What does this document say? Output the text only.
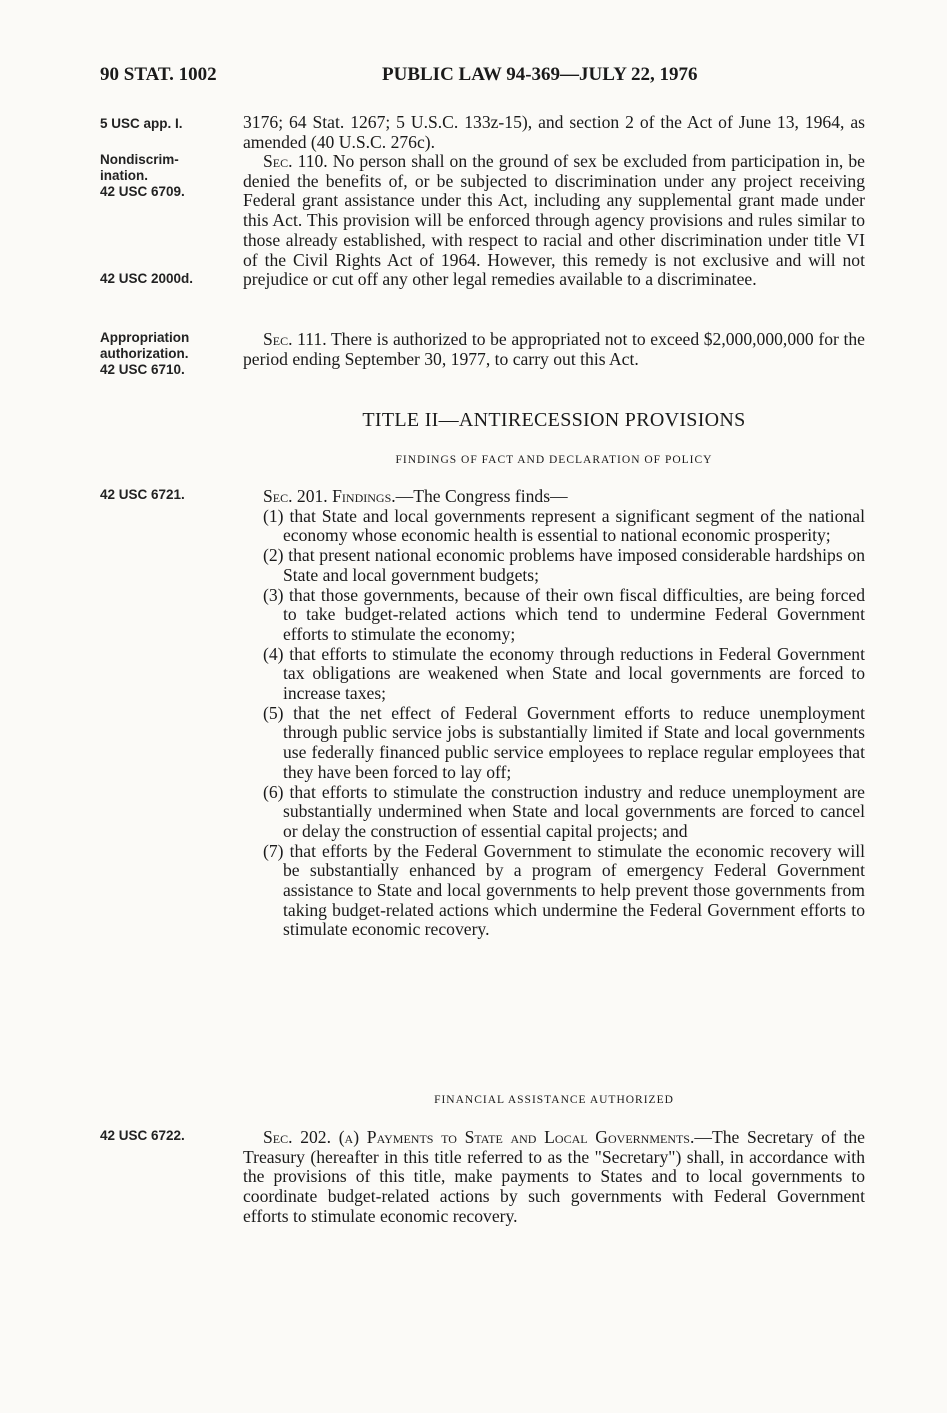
90 STAT. 1002	PUBLIC LAW 94-369—JULY 22, 1976
5 USC app. I.
Nondiscrim-
ination.
42 USC 6709.
42 USC 2000d.
Appropriation
authorization.
42 USC 6710.
42 USC 6721.
42 USC 6722.

3176; 64 Stat. 1267; 5 U.S.C. 133z-15), and section 2 of the Act of June 13, 1964, as amended (40 U.S.C. 276c).

Sec. 110. No person shall on the ground of sex be excluded from participation in, be denied the benefits of, or be subjected to discrimination under any project receiving Federal grant assistance under this Act, including any supplemental grant made under this Act. This provision will be enforced through agency provisions and rules similar to those already established, with respect to racial and other discrimination under title VI of the Civil Rights Act of 1964. However, this remedy is not exclusive and will not prejudice or cut off any other legal remedies available to a discriminatee.

Sec. 111. There is authorized to be appropriated not to exceed $2,000,000,000 for the period ending September 30, 1977, to carry out this Act.

TITLE II—ANTIRECESSION PROVISIONS
FINDINGS OF FACT AND DECLARATION OF POLICY

Sec. 201. Findings.—The Congress finds—

(1) that State and local governments represent a significant segment of the national economy whose economic health is essential to national economic prosperity;

(2) that present national economic problems have imposed considerable hardships on State and local government budgets;

(3) that those governments, because of their own fiscal difficulties, are being forced to take budget-related actions which tend to undermine Federal Government efforts to stimulate the economy;

(4) that efforts to stimulate the economy through reductions in Federal Government tax obligations are weakened when State and local governments are forced to increase taxes;

(5) that the net effect of Federal Government efforts to reduce unemployment through public service jobs is substantially limited if State and local governments use federally financed public service employees to replace regular employees that they have been forced to lay off;

(6) that efforts to stimulate the construction industry and reduce unemployment are substantially undermined when State and local governments are forced to cancel or delay the construction of essential capital projects; and

(7) that efforts by the Federal Government to stimulate the economic recovery will be substantially enhanced by a program of emergency Federal Government assistance to State and local governments to help prevent those governments from taking budget-related actions which undermine the Federal Government efforts to stimulate economic recovery.

FINANCIAL ASSISTANCE AUTHORIZED

Sec. 202. (a) Payments to State and Local Governments.—The Secretary of the Treasury (hereafter in this title referred to as the "Secretary") shall, in accordance with the provisions of this title, make payments to States and to local governments to coordinate budget-related actions by such governments with Federal Government efforts to stimulate economic recovery.
